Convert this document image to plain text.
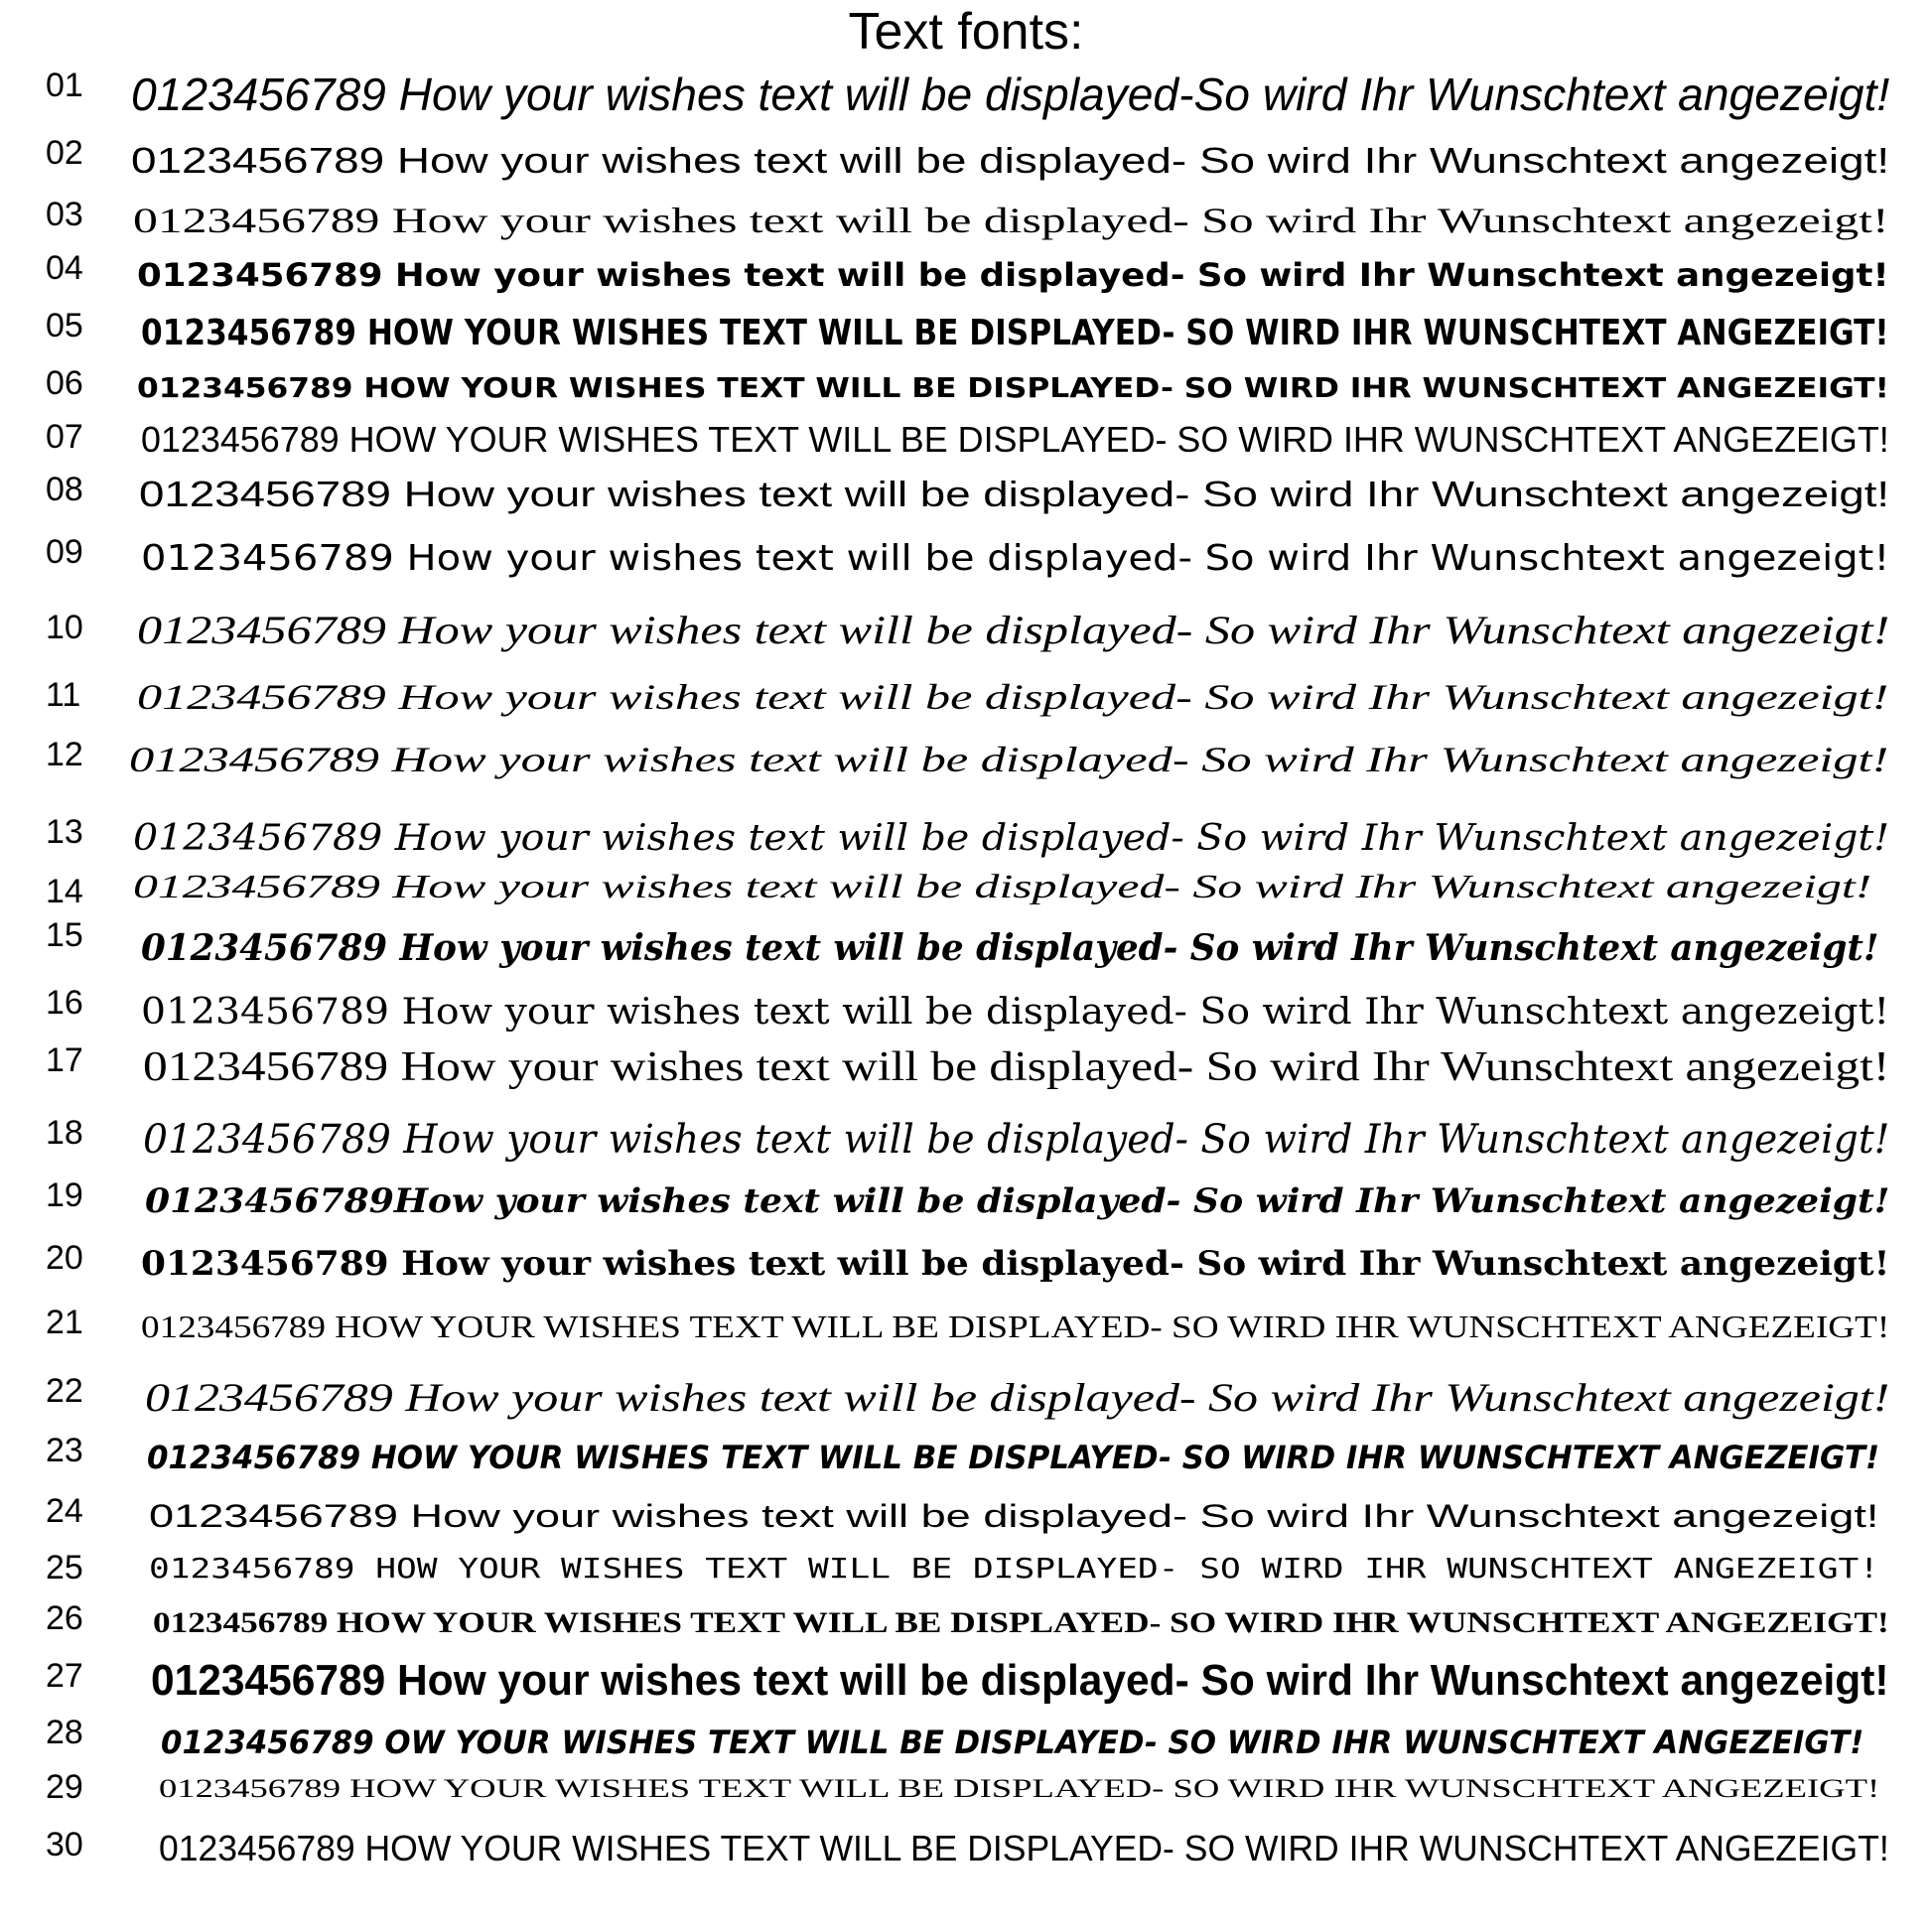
Text fonts:
01	0123456789 How your wishes text will be displayed-So wird Ihr Wunschtext angezeigt!
02	0123456789 How your wishes text will be displayed- So wird Ihr Wunschtext angezeigt!
03	0123456789 How your wishes text will be displayed- So wird Ihr Wunschtext angezeigt!
04	0123456789 How your wishes text will be displayed- So wird Ihr Wunschtext angezeigt!
05	0123456789 HOW YOUR WISHES TEXT WILL BE DISPLAYED- SO WIRD IHR WUNSCHTEXT ANGEZEIGT!
06	0123456789 HOW YOUR WISHES TEXT WILL BE DISPLAYED- SO WIRD IHR WUNSCHTEXT ANGEZEIGT!
07	0123456789 HOW YOUR WISHES TEXT WILL BE DISPLAYED- SO WIRD IHR WUNSCHTEXT ANGEZEIGT!
08	0123456789 How your wishes text will be displayed- So wird Ihr Wunschtext angezeigt!
09	0123456789 How your wishes text will be displayed- So wird Ihr Wunschtext angezeigt!
10	0123456789 How your wishes text will be displayed- So wird Ihr Wunschtext angezeigt!
11	0123456789 How your wishes text will be displayed- So wird Ihr Wunschtext angezeigt!
12	0123456789 How your wishes text will be displayed- So wird Ihr Wunschtext angezeigt!
13	0123456789 How your wishes text will be displayed- So wird Ihr Wunschtext angezeigt!
14	0123456789 How your wishes text will be displayed- So wird Ihr Wunschtext angezeigt!
15	0123456789 How your wishes text will be displayed- So wird Ihr Wunschtext angezeigt!
16	0123456789 How your wishes text will be displayed- So wird Ihr Wunschtext angezeigt!
17	0123456789 How your wishes text will be displayed- So wird Ihr Wunschtext angezeigt!
18	0123456789 How your wishes text will be displayed- So wird Ihr Wunschtext angezeigt!
19	0123456789How your wishes text will be displayed- So wird Ihr Wunschtext angezeigt!
20	0123456789 How your wishes text will be displayed- So wird Ihr Wunschtext angezeigt!
21	0123456789 HOW YOUR WISHES TEXT WILL BE DISPLAYED- SO WIRD IHR WUNSCHTEXT ANGEZEIGT!
22	0123456789 How your wishes text will be displayed- So wird Ihr Wunschtext angezeigt!
23	0123456789 HOW YOUR WISHES TEXT WILL BE DISPLAYED- SO WIRD IHR WUNSCHTEXT ANGEZEIGT!
24	0123456789 How your wishes text will be displayed- So wird Ihr Wunschtext angezeigt!
25	0123456789 HOW YOUR WISHES TEXT WILL BE DISPLAYED- SO WIRD IHR WUNSCHTEXT ANGEZEIGT!
26	0123456789 HOW YOUR WISHES TEXT WILL BE DISPLAYED- SO WIRD IHR WUNSCHTEXT ANGEZEIGT!
27	0123456789 How your wishes text will be displayed- So wird Ihr Wunschtext angezeigt!
28	0123456789 OW YOUR WISHES TEXT WILL BE DISPLAYED- SO WIRD IHR WUNSCHTEXT ANGEZEIGT!
29	0123456789 HOW YOUR WISHES TEXT WILL BE DISPLAYED- SO WIRD IHR WUNSCHTEXT ANGEZEIGT!
30	0123456789 HOW YOUR WISHES TEXT WILL BE DISPLAYED- SO WIRD IHR WUNSCHTEXT ANGEZEIGT!
